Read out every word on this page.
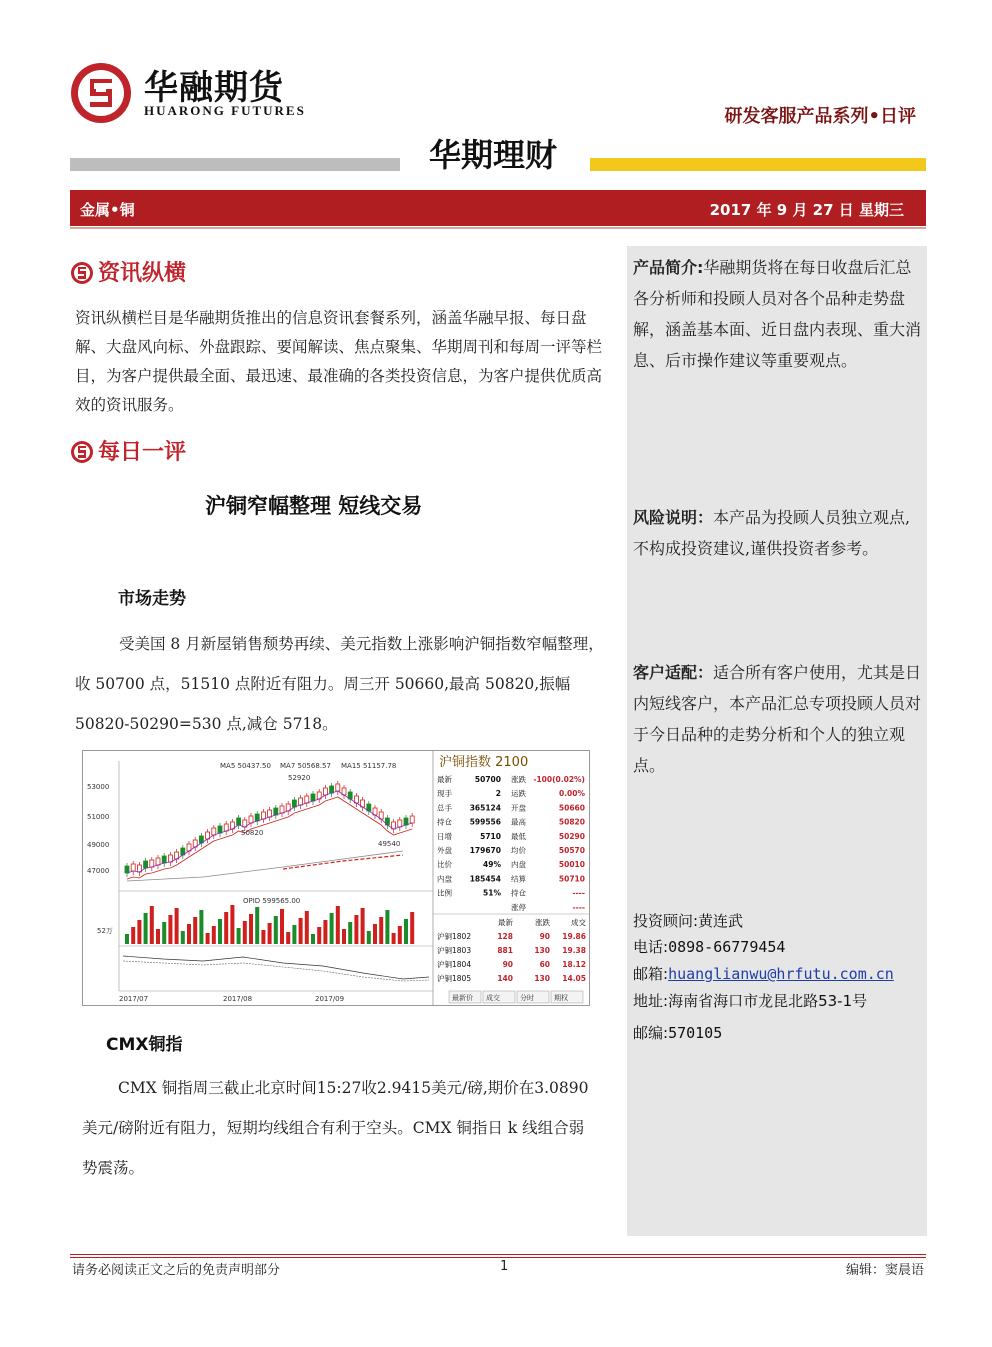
华融期货
HUARONG FUTURES	研发客服产品系列•日评
华期理财
金属•铜	2017 年 9 月 27 日 星期三
产品简介:华融期货将在每日收盘后汇总各分析师和投顾人员对各个品种走势盘解，涵盖基本面、近日盘内表现、重大消息、后市操作建议等重要观点。
风险说明：本产品为投顾人员独立观点,不构成投资建议,谨供投资者参考。
客户适配：适合所有客户使用，尤其是日内短线客户，本产品汇总专项投顾人员对于今日品种的走势分析和个人的独立观点。
投资顾问:黄连武
电话:0898-66779454
邮箱:huanglianwu@hrfutu.com.cn
地址:海南省海口市龙昆北路53-1号
邮编:570105
资讯纵横
资讯纵横栏目是华融期货推出的信息资讯套餐系列，涵盖华融早报、每日盘解、大盘风向标、外盘跟踪、要闻解读、焦点聚集、华期周刊和每周一评等栏目，为客户提供最全面、最迅速、最准确的各类投资信息，为客户提供优质高效的资讯服务。
每日一评
沪铜窄幅整理 短线交易
市场走势
受美国 8 月新屋销售颓势再续、美元指数上涨影响沪铜指数窄幅整理，收 50700 点，51510 点附近有阻力。周三开 50660,最高 50820,振幅 50820-50290=530 点,减仓 5718。
53000
51000
49000
47000
2017/07	2017/08	2017/09
MA5 50437.50 MA7 50568.57 MA15 51157.78
52920
50820
49540
OPID 599565.00
52万
沪铜指数 2100
最新	50700 涨跌 -100(0.02%)
现手	2 运跌	0.00%
总手 365124 开盘	50660
持仓 599556 最高	50820
日增	5710 最低	50290
外盘 179670 均价	50570
比价	49% 内盘	50010
内盘 185454 结算	50710
比例	51% 持仓	----
涨停	----
最新	涨跌	成交
沪铜1802	128	90 19.86
沪铜1803	881	130 19.38
沪铜1804	90	60 18.12
沪铜1805	140	130 14.05
最新价 成交	分时	期权
CMX铜指
CMX 铜指周三截止北京时间15:27收2.9415美元/磅,期价在3.0890美元/磅附近有阻力，短期均线组合有利于空头。CMX 铜指日 k 线组合弱势震荡。
请务必阅读正文之后的免责声明部分	1	编辑：窦晨语
